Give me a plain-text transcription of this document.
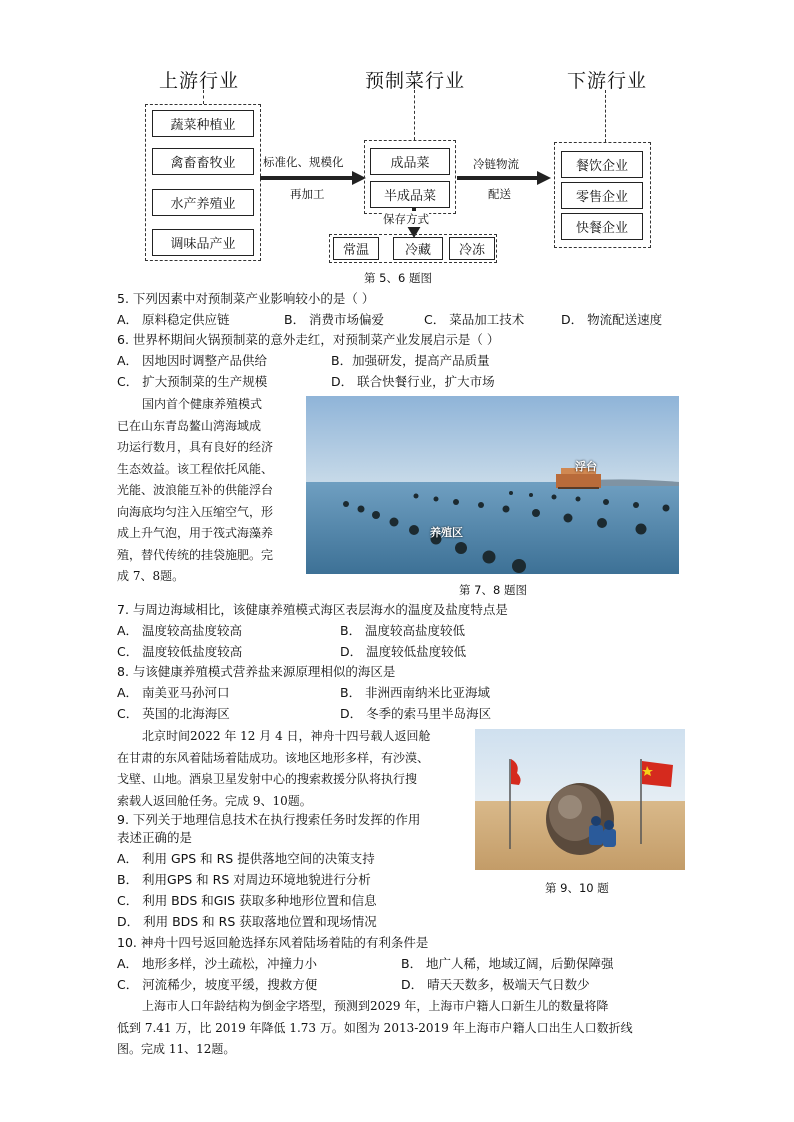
上游行业	预制菜行业	下游行业
蔬菜种植业
禽畜畜牧业
水产养殖业
调味品产业
标准化、规模化
再加工
成品菜
半成品菜
冷链物流
配送
餐饮企业
零售企业
快餐企业
保存方式
常温	冷藏	冷冻
第 5、6 题图
5. 下列因素中对预制菜产业影响较小的是（ ）
A． 原料稳定供应链	B． 消费市场偏爱	C． 菜品加工技术	D． 物流配送速度
6. 世界杯期间火锅预制菜的意外走红，对预制菜产业发展启示是（ ）
A． 因地因时调整产品供给	B．加强研发，提高产品质量
C． 扩大预制菜的生产规模	D． 联合快餐行业，扩大市场
国内首个健康养殖模式
已在山东青岛鳌山湾海域成
功运行数月，具有良好的经济
生态效益。该工程依托风能、
光能、波浪能互补的供能浮台
向海底均匀注入压缩空气，形
成上升气泡，用于筏式海藻养
殖，替代传统的挂袋施肥。完
成 7、8题。
浮台
养殖区
第 7、8 题图
7. 与周边海域相比，该健康养殖模式海区表层海水的温度及盐度特点是
A． 温度较高盐度较高	B． 温度较高盐度较低
C． 温度较低盐度较高	D． 温度较低盐度较低
8. 与该健康养殖模式营养盐来源原理相似的海区是
A． 南美亚马孙河口	B． 非洲西南纳米比亚海域
C． 英国的北海海区	D． 冬季的索马里半岛海区
北京时间2022 年 12 月 4 日，神舟十四号载人返回舱
在甘肃的东风着陆场着陆成功。该地区地形多样，有沙漠、
戈壁、山地。酒泉卫星发射中心的搜索救援分队将执行搜
索载人返回舱任务。完成 9、10题。
第 9、10 题
9. 下列关于地理信息技术在执行搜索任务时发挥的作用
表述正确的是
A． 利用 GPS 和 RS 提供落地空间的决策支持
B． 利用GPS 和 RS 对周边环境地貌进行分析
C． 利用 BDS 和GIS 获取多种地形位置和信息
D． 利用 BDS 和 RS 获取落地位置和现场情况
10. 神舟十四号返回舱选择东风着陆场着陆的有利条件是
A． 地形多样，沙土疏松，冲撞力小	B． 地广人稀，地域辽阔，后勤保障强
C． 河流稀少，坡度平缓，搜救方便	D． 晴天天数多，极端天气日数少
上海市人口年龄结构为倒金字塔型，预测到2029 年，上海市户籍人口新生儿的数量将降
低到 7.41 万，比 2019 年降低 1.73 万。如图为 2013-2019 年上海市户籍人口出生人口数折线
图。完成 11、12题。
